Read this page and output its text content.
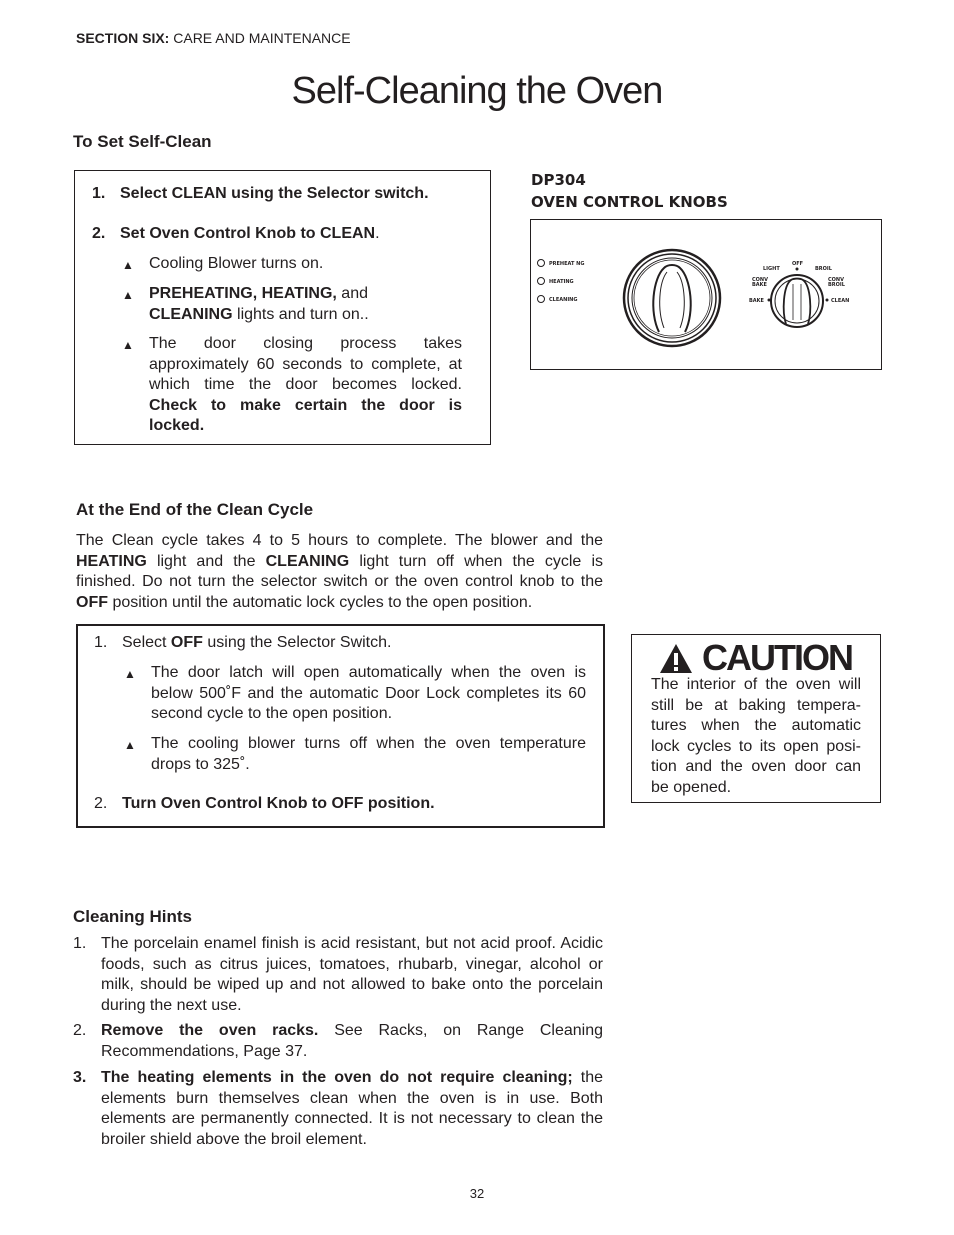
SECTION SIX: CARE AND MAINTENANCE
Self-Cleaning the Oven
To Set Self-Clean
1. Select CLEAN using the Selector switch.
2. Set Oven Control Knob to CLEAN.
▲ Cooling Blower turns on.
▲ PREHEATING, HEATING, and
CLEANING lights and turn on..
▲ The door closing process takes approximately 60 seconds to complete, at which time the door becomes locked. Check to make certain the door is locked.
DP304
OVEN CONTROL KNOBS
PREHEAT NG
HEATING
CLEANING
LIGHT
OFF
BROIL
CONV
BAKE
CONV
BROIL
BAKE	CLEAN
At the End of the Clean Cycle
The Clean cycle takes 4 to 5 hours to complete. The blower and the HEATING light and the CLEANING light turn off when the cycle is finished. Do not turn the selector switch or the oven control knob to the OFF position until the automatic lock cycles to the open position.
1. Select OFF using the Selector Switch.
▲ The door latch will open automatically when the oven is below 500˚F and the automatic Door Lock completes its 60 second cycle to the open position.
▲ The cooling blower turns off when the oven temperature drops to 325˚.
2. Turn Oven Control Knob to OFF position.
CAUTION
The interior of the oven will
still be at baking tempera-
tures when the automatic
lock cycles to its open posi-
tion and the oven door can
be opened.
Cleaning Hints
1. The porcelain enamel finish is acid resistant, but not acid proof. Acidic foods, such as citrus juices, tomatoes, rhubarb, vinegar, alcohol or milk, should be wiped up and not allowed to bake onto the porcelain during the next use.
2. Remove the oven racks. See Racks, on Range Cleaning Recommendations, Page 37.
3. The heating elements in the oven do not require cleaning; the elements burn themselves clean when the oven is in use. Both elements are permanently connected. It is not necessary to clean the broiler shield above the broil element.
32
